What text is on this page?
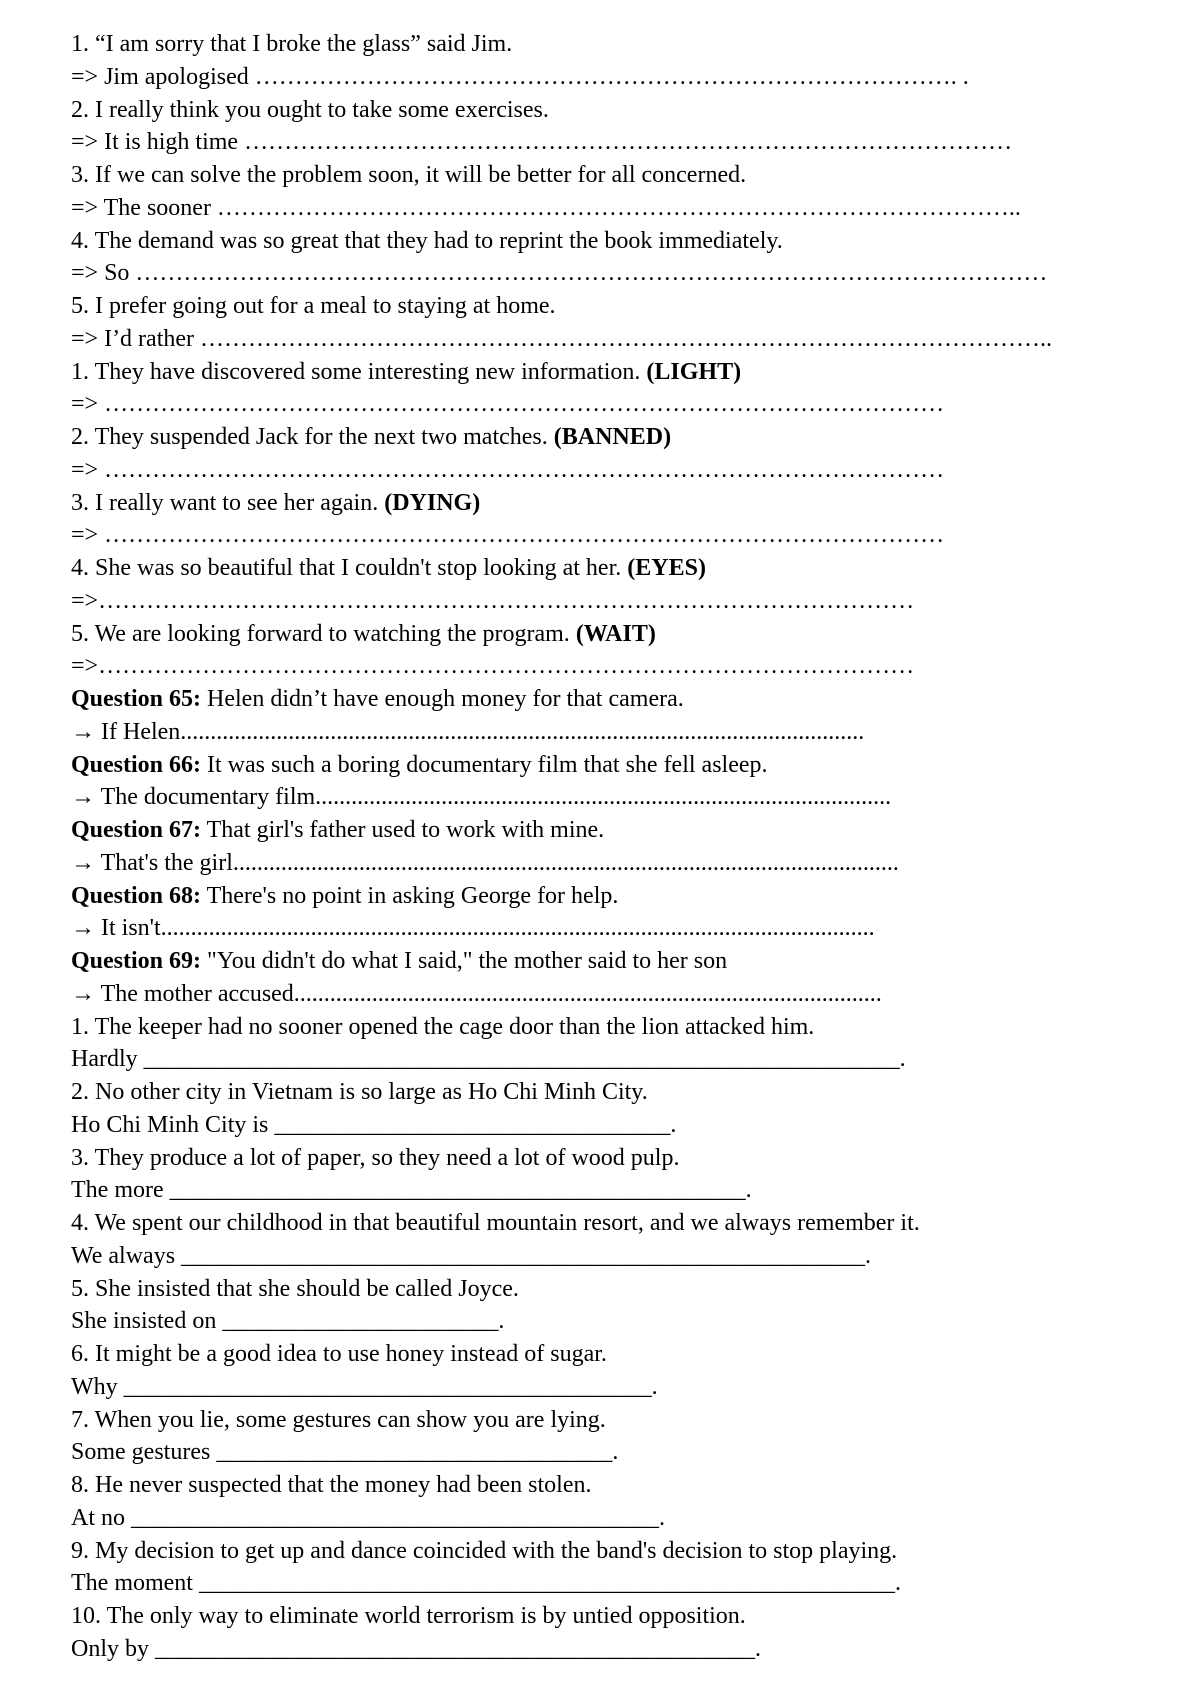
1. “I am sorry that I broke the glass” said Jim.
=> Jim apologised ……………………………………………………………………………. .
2. I really think you ought to take some exercises.
=> It is high time ……………………………………………………………………………………
3. If we can solve the problem soon, it will be better for all concerned.
=> The sooner ………………………………………………………………………………………..
4. The demand was so great that they had to reprint the book immediately.
=> So ……………………………………………………………………………………………………
5. I prefer going out for a meal to staying at home.
=> I’d rather ……………………………………………………………………………………………..
1. They have discovered some interesting new information. (LIGHT)
=> ……………………………………………………………………………………………
2. They suspended Jack for the next two matches. (BANNED)
=> ……………………………………………………………………………………………
3. I really want to see her again. (DYING)
=> ……………………………………………………………………………………………
4. She was so beautiful that I couldn't stop looking at her. (EYES)
=>…………………………………………………………………………………………
5. We are looking forward to watching the program. (WAIT)
=>…………………………………………………………………………………………
Question 65: Helen didn’t have enough money for that camera.
→ If Helen..................................................................................................................
Question 66: It was such a boring documentary film that she fell asleep.
→ The documentary film................................................................................................
Question 67: That girl's father used to work with mine.
→ That's the girl...............................................................................................................
Question 68: There's no point in asking George for help.
→ It isn't.......................................................................................................................
Question 69: "You didn't do what I said," the mother said to her son
→ The mother accused..................................................................................................
1. The keeper had no sooner opened the cage door than the lion attacked him.
Hardly _______________________________________________________________.
2. No other city in Vietnam is so large as Ho Chi Minh City.
Ho Chi Minh City is _________________________________.
3. They produce a lot of paper, so they need a lot of wood pulp.
The more ________________________________________________.
4. We spent our childhood in that beautiful mountain resort, and we always remember it.
We always _________________________________________________________.
5. She insisted that she should be called Joyce.
She insisted on _______________________.
6. It might be a good idea to use honey instead of sugar.
Why ____________________________________________.
7. When you lie, some gestures can show you are lying.
Some gestures _________________________________.
8. He never suspected that the money had been stolen.
At no ____________________________________________.
9. My decision to get up and dance coincided with the band's decision to stop playing.
The moment __________________________________________________________.
10. The only way to eliminate world terrorism is by untied opposition.
Only by __________________________________________________.
